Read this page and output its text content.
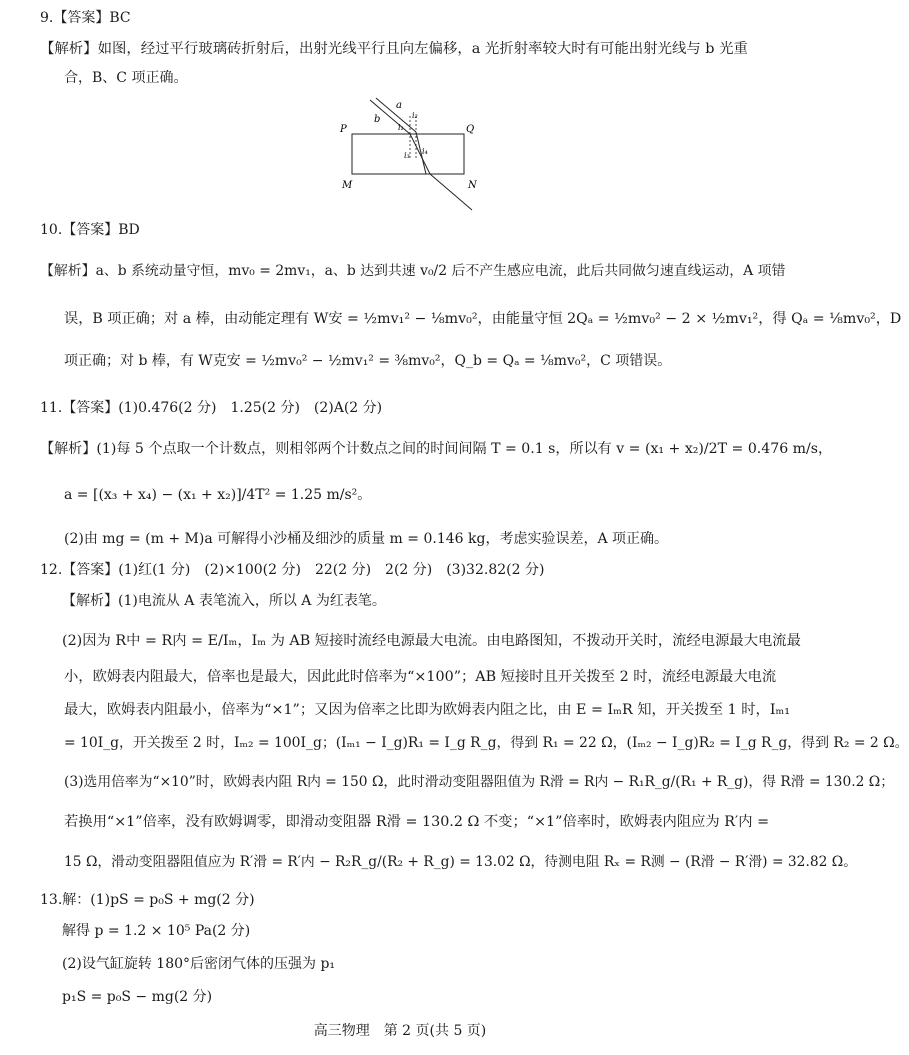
9.【答案】BC
【解析】如图，经过平行玻璃砖折射后，出射光线平行且向左偏移，a 光折射率较大时有可能出射光线与 b 光重
合，B、C 项正确。
P	Q
M	N
a
b
i₁
i₂
i₃ i₄
10.【答案】BD
【解析】a、b 系统动量守恒，mv₀ = 2mv₁，a、b 达到共速 v₀/2 后不产生感应电流，此后共同做匀速直线运动，A 项错
误，B 项正确；对 a 棒，由动能定理有 W安 = ½mv₁² − ⅛mv₀²，由能量守恒 2Qₐ = ½mv₀² − 2 × ½mv₁²，得 Qₐ = ⅛mv₀²，D
项正确；对 b 棒，有 W克安 = ½mv₀² − ½mv₁² = ⅜mv₀²，Q_b = Qₐ = ⅛mv₀²，C 项错误。
11.【答案】(1)0.476(2 分)　1.25(2 分)　(2)A(2 分)
【解析】(1)每 5 个点取一个计数点，则相邻两个计数点之间的时间间隔 T = 0.1 s，所以有 v = (x₁ + x₂)/2T = 0.476 m/s，
a = [(x₃ + x₄) − (x₁ + x₂)]/4T² = 1.25 m/s²。
(2)由 mg = (m + M)a 可解得小沙桶及细沙的质量 m = 0.146 kg，考虑实验误差，A 项正确。
12.【答案】(1)红(1 分)　(2)×100(2 分)　22(2 分)　2(2 分)　(3)32.82(2 分)
【解析】(1)电流从 A 表笔流入，所以 A 为红表笔。
(2)因为 R中 = R内 = E/Iₘ，Iₘ 为 AB 短接时流经电源最大电流。由电路图知，不拨动开关时，流经电源最大电流最
小，欧姆表内阻最大，倍率也是最大，因此此时倍率为“×100”；AB 短接时且开关拨至 2 时，流经电源最大电流
最大，欧姆表内阻最小，倍率为“×1”；又因为倍率之比即为欧姆表内阻之比，由 E = IₘR 知，开关拨至 1 时，Iₘ₁
= 10I_g，开关拨至 2 时，Iₘ₂ = 100I_g；(Iₘ₁ − I_g)R₁ = I_g R_g，得到 R₁ = 22 Ω，(Iₘ₂ − I_g)R₂ = I_g R_g，得到 R₂ = 2 Ω。
(3)选用倍率为“×10”时，欧姆表内阻 R内 = 150 Ω，此时滑动变阻器阻值为 R滑 = R内 − R₁R_g/(R₁ + R_g)，得 R滑 = 130.2 Ω；
若换用“×1”倍率，没有欧姆调零，即滑动变阻器 R滑 = 130.2 Ω 不变；“×1”倍率时，欧姆表内阻应为 R′内 =
15 Ω，滑动变阻器阻值应为 R′滑 = R′内 − R₂R_g/(R₂ + R_g) = 13.02 Ω，待测电阻 Rₓ = R测 − (R滑 − R′滑) = 32.82 Ω。
13.解：(1)pS = p₀S + mg(2 分)
解得 p = 1.2 × 10⁵ Pa(2 分)
(2)设气缸旋转 180°后密闭气体的压强为 p₁
p₁S = p₀S − mg(2 分)
高三物理　第 2 页(共 5 页)
